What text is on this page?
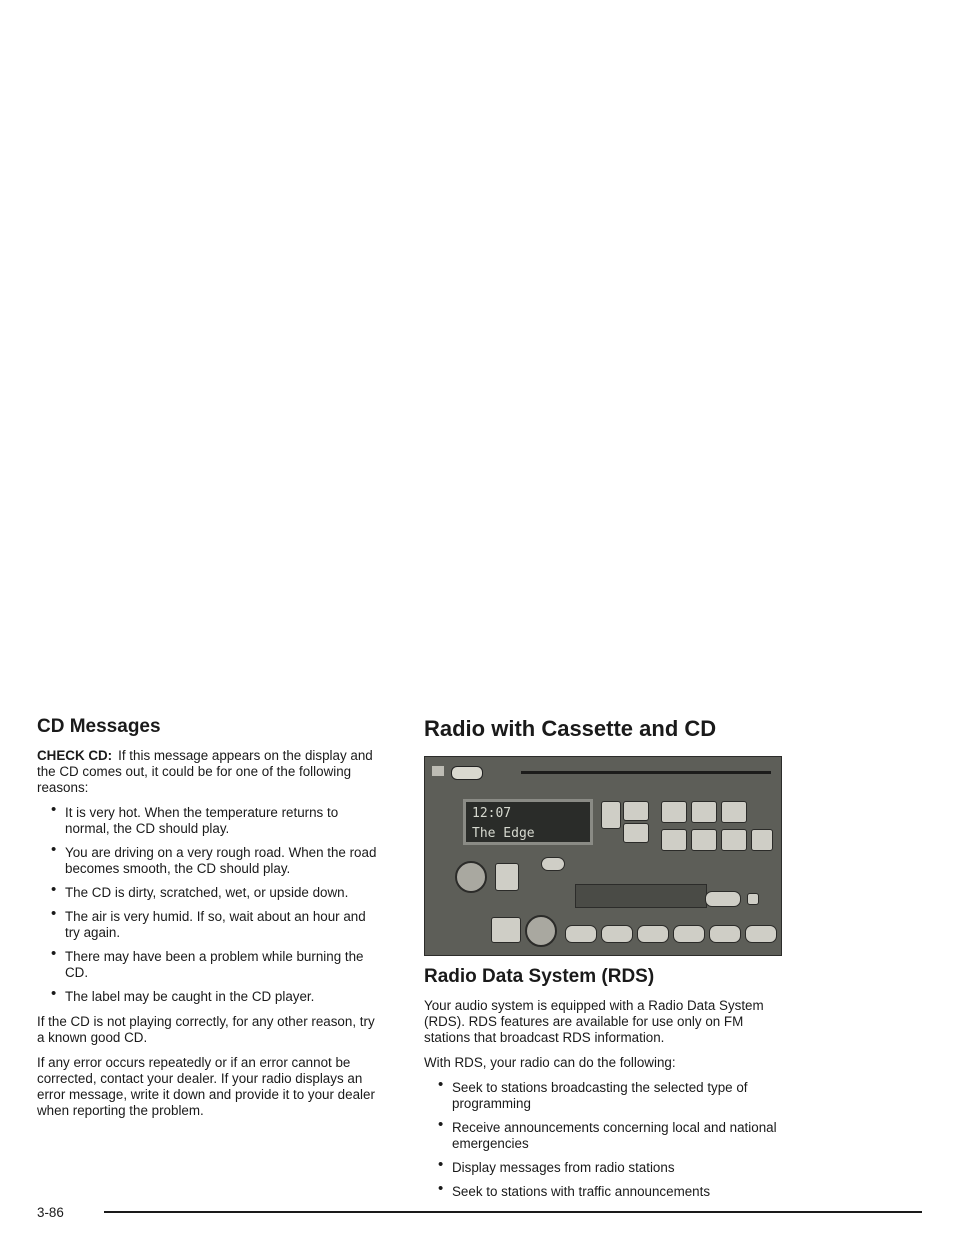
CD Messages

CHECK CD: If this message appears on the display and the CD comes out, it could be for one of the following reasons:

• It is very hot. When the temperature returns to normal, the CD should play.
• You are driving on a very rough road. When the road becomes smooth, the CD should play.
• The CD is dirty, scratched, wet, or upside down.
• The air is very humid. If so, wait about an hour and try again.
• There may have been a problem while burning the CD.
• The label may be caught in the CD player.

If the CD is not playing correctly, for any other reason, try a known good CD.

If any error occurs repeatedly or if an error cannot be corrected, contact your dealer. If your radio displays an error message, write it down and provide it to your dealer when reporting the problem.

Radio with Cassette and CD
12:07
The Edge
Radio Data System (RDS)

Your audio system is equipped with a Radio Data System (RDS). RDS features are available for use only on FM stations that broadcast RDS information.

With RDS, your radio can do the following:

• Seek to stations broadcasting the selected type of programming
• Receive announcements concerning local and national emergencies
• Display messages from radio stations
• Seek to stations with traffic announcements
3-86
